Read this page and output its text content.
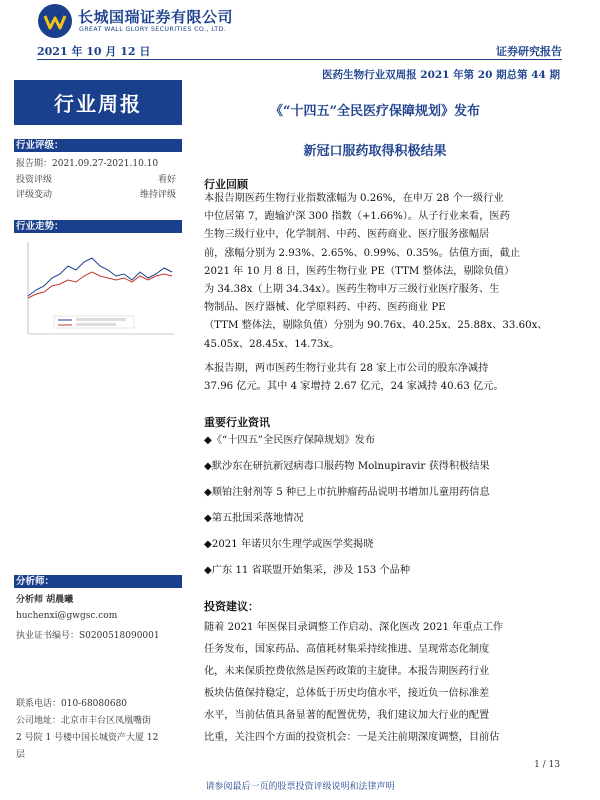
长城国瑞证券有限公司
GREAT WALL GLORY SECURITIES CO., LTD.
2021 年 10 月 12 日	证券研究报告
医药生物行业双周报 2021 年第 20 期总第 44 期
行业周报
行业评级：
报告期：2021.09.27-2021.10.10
投资评级	看好
评级变动	维持评级
行业走势：
分析师：
分析师 胡晨曦
huchenxi@gwgsc.com
执业证书编号：S0200518090001
联系电话：010-68080680
公司地址：北京市丰台区凤凰嘴街
2 号院 1 号楼中国长城资产大厦 12
层
《“十四五”全民医疗保障规划》发布
新冠口服药取得积极结果
行业回顾
本报告期医药生物行业指数涨幅为 0.26%，在申万 28 个一级行业
中位居第 7，跑输沪深 300 指数（+1.66%）。从子行业来看，医药
生物三级行业中，化学制剂、中药、医药商业、医疗服务涨幅居
前，涨幅分别为 2.93%、2.65%、0.99%、0.35%。估值方面，截止
2021 年 10 月 8 日，医药生物行业 PE（TTM 整体法，剔除负值）
为 34.38x（上期 34.34x）。医药生物申万三级行业医疗服务、生
物制品、医疗器械、化学原料药、中药、医药商业 PE
（TTM 整体法，剔除负值）分别为 90.76x、40.25x、25.88x、33.60x、
45.05x、28.45x、14.73x。
本报告期，两市医药生物行业共有 28 家上市公司的股东净减持
37.96 亿元。其中 4 家增持 2.67 亿元，24 家减持 40.63 亿元。
重要行业资讯
◆《“十四五”全民医疗保障规划》发布
◆默沙东在研抗新冠病毒口服药物 Molnupiravir 获得积极结果
◆顺铂注射剂等 5 种已上市抗肿瘤药品说明书增加儿童用药信息
◆第五批国采落地情况
◆2021 年诺贝尔生理学或医学奖揭晓
◆广东 11 省联盟开始集采，涉及 153 个品种
投资建议：
随着 2021 年医保目录调整工作启动、深化医改 2021 年重点工作
任务发布，国家药品、高值耗材集采持续推进、呈现常态化制度
化，未来保质控费依然是医药政策的主旋律。本报告期医药行业
板块估值保持稳定，总体低于历史均值水平，接近负一倍标准差
水平，当前估值具备显著的配置优势，我们建议加大行业的配置
比重，关注四个方面的投资机会：一是关注前期深度调整，目前估
1 / 13
请参阅最后一页的股票投资评级说明和法律声明
